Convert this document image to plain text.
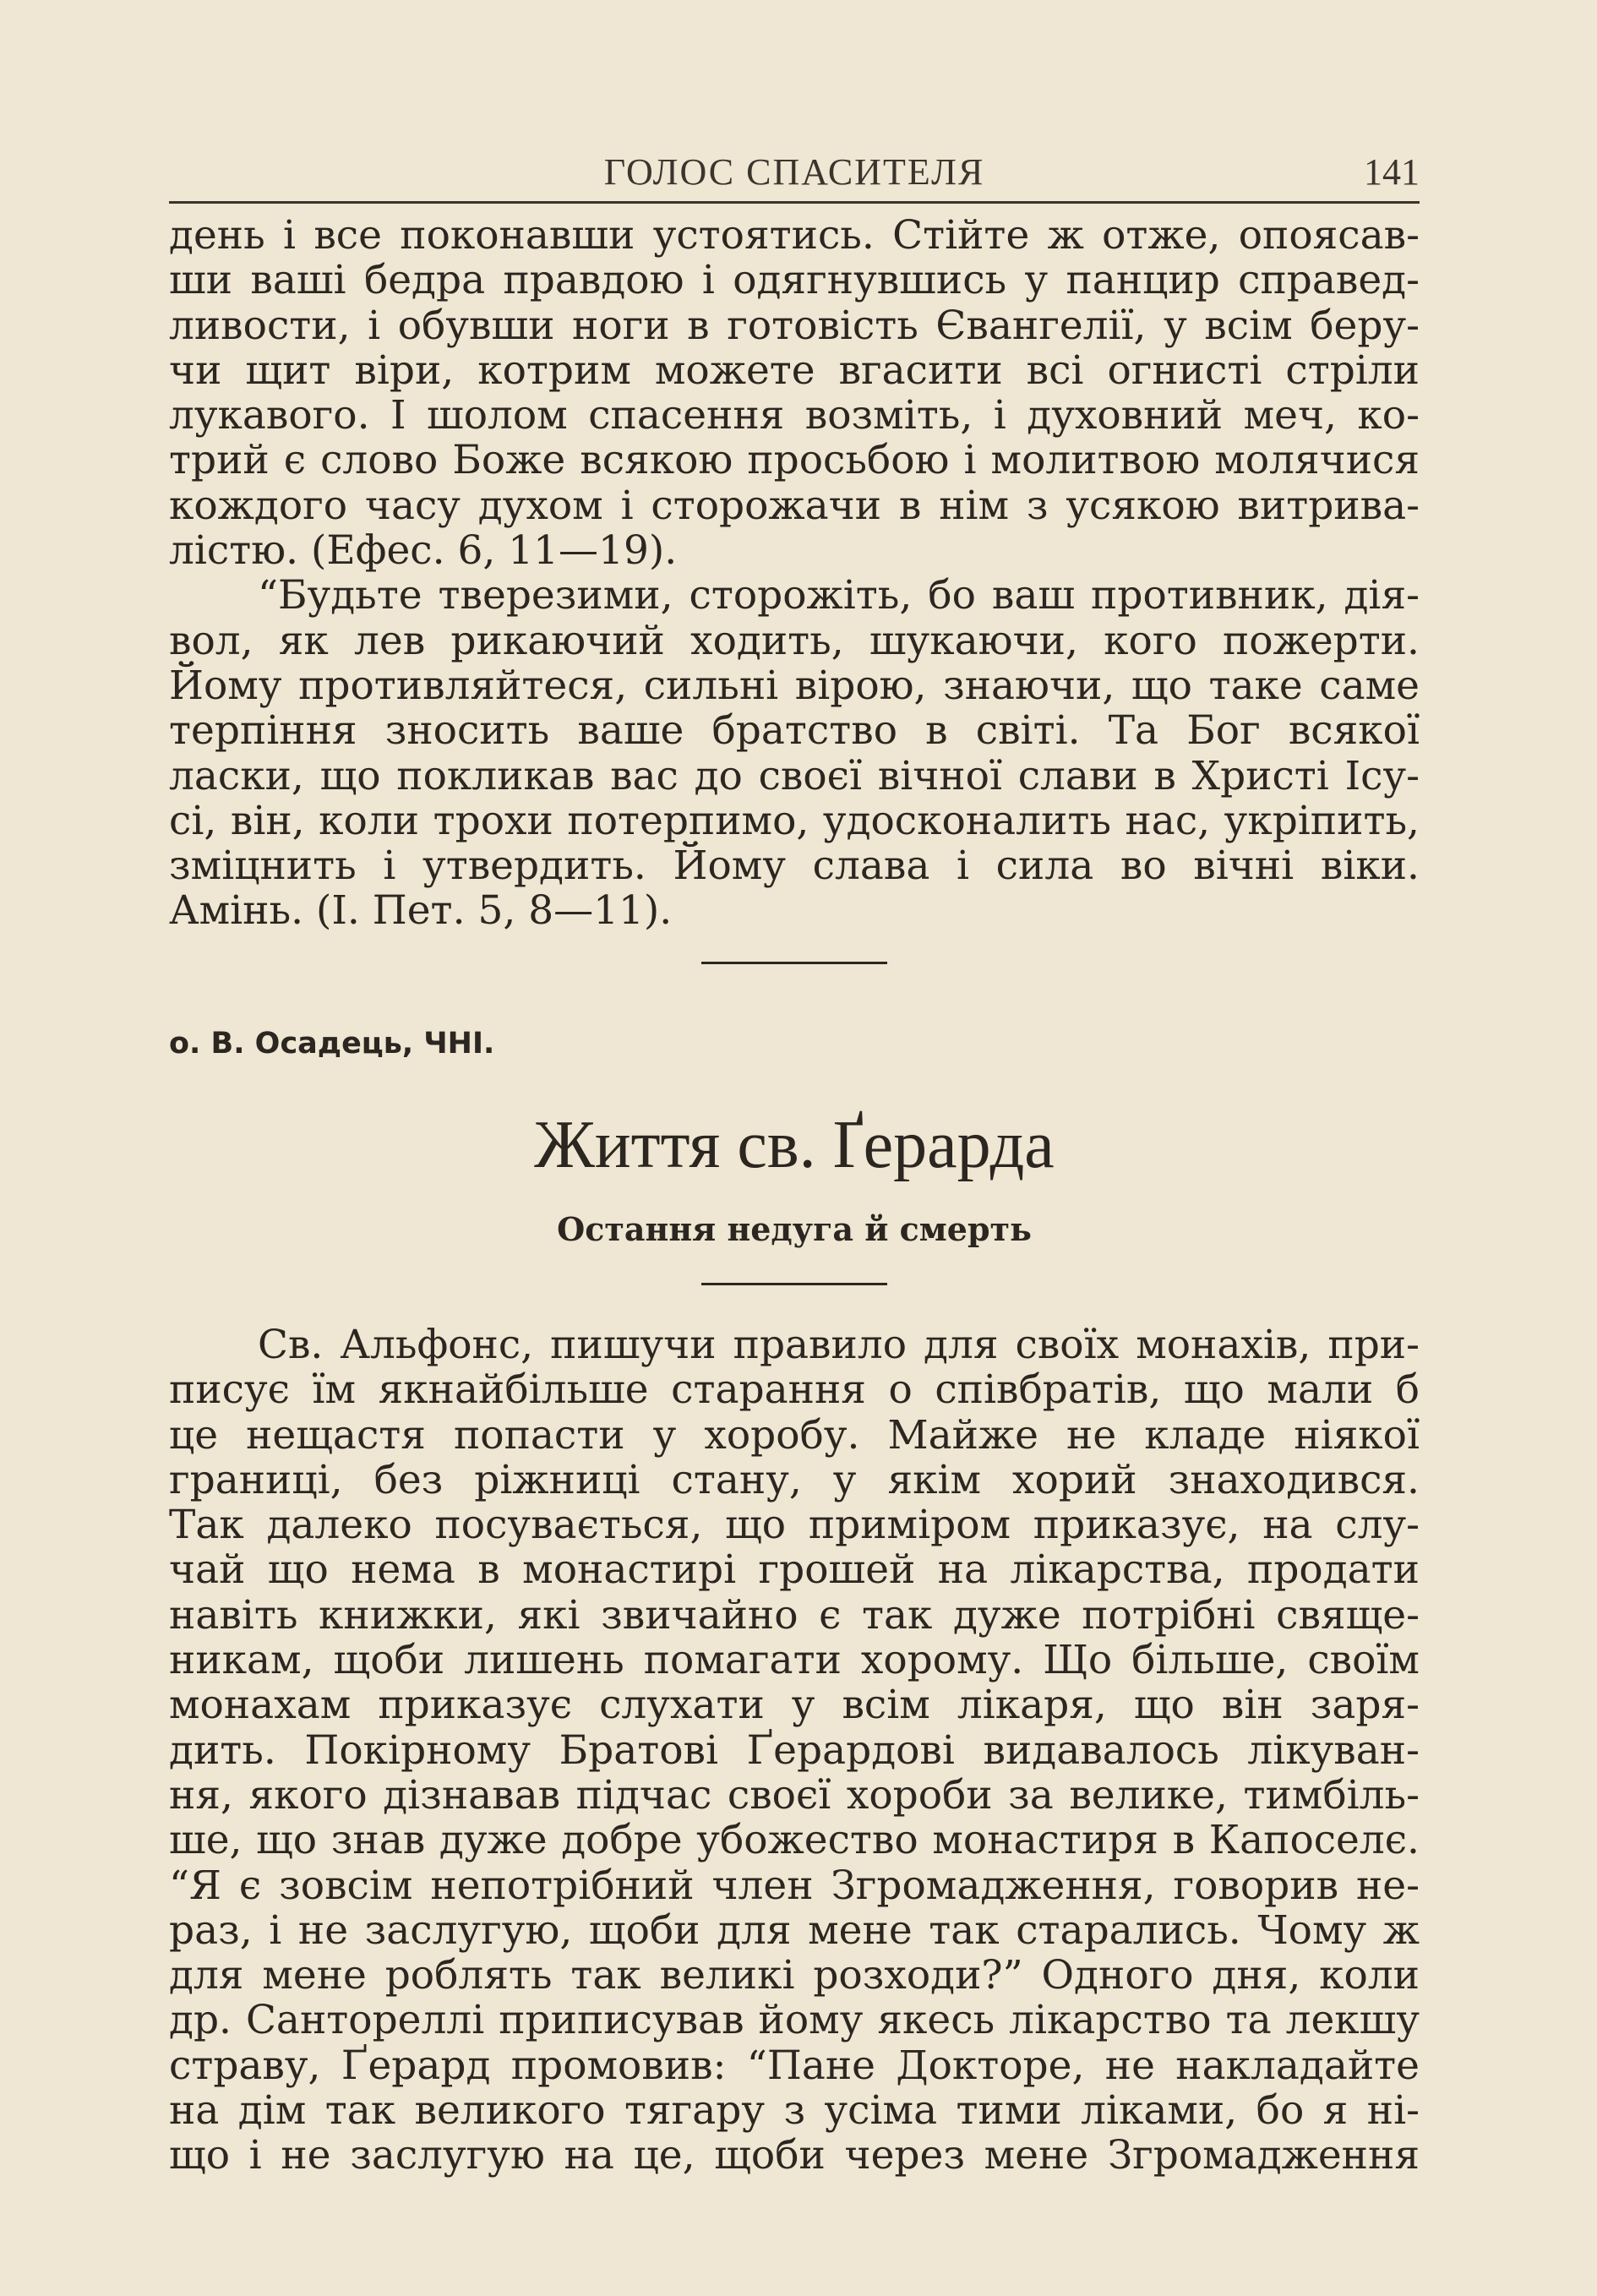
ГОЛОС СПАСИТЕЛЯ	141
день і все поконавши устоятись. Стійте ж отже, опоясав-
ши ваші бедра правдою і одягнувшись у панцир справед-
ливости, і обувши ноги в готовість Євангелії, у всім беру-
чи щит віри, котрим можете вгасити всі огнисті стріли
лукавого. І шолом спасення возміть, і духовний меч, ко-
трий є слово Боже всякою просьбою і молитвою молячися
кождого часу духом і сторожачи в нім з усякою витрива-
лістю. (Ефес. 6, 11—19).
“Будьте тверезими, сторожіть, бо ваш противник, дія-
вол, як лев рикаючий ходить, шукаючи, кого пожерти.
Йому противляйтеся, сильні вірою, знаючи, що таке саме
терпіння зносить ваше братство в світі. Та Бог всякої
ласки, що покликав вас до своєї вічної слави в Христі Ісу-
сі, він, коли трохи потерпимо, удосконалить нас, укріпить,
зміцнить і утвердить. Йому слава і сила во вічні віки.
Амінь. (I. Пет. 5, 8—11).
о. В. Осадець, ЧНІ.
Життя св. Ґерарда
Остання недуга й смерть
Св. Альфонс, пишучи правило для своїх монахів, при-
писує їм якнайбільше старання о співбратів, що мали б
це нещастя попасти у хоробу. Майже не кладе ніякої
границі, без ріжниці стану, у якім хорий знаходився.
Так далеко посувається, що приміром приказує, на слу-
чай що нема в монастирі грошей на лікарства, продати
навіть книжки, які звичайно є так дуже потрібні свяще-
никам, щоби лишень помагати хорому. Що більше, своїм
монахам приказує слухати у всім лікаря, що він заря-
дить. Покірному Братові Ґерардові видавалось лікуван-
ня, якого дізнавав підчас своєї хороби за велике, тимбіль-
ше, що знав дуже добре убожество монастиря в Капоселє.
“Я є зовсім непотрібний член Згромадження, говорив не-
раз, і не заслугую, щоби для мене так старались. Чому ж
для мене роблять так великі розходи?” Одного дня, коли
др. Сантореллі приписував йому якесь лікарство та лекшу
страву, Ґерард промовив: “Пане Докторе, не накладайте
на дім так великого тягару з усіма тими ліками, бо я ні-
що і не заслугую на це, щоби через мене Згромадження
